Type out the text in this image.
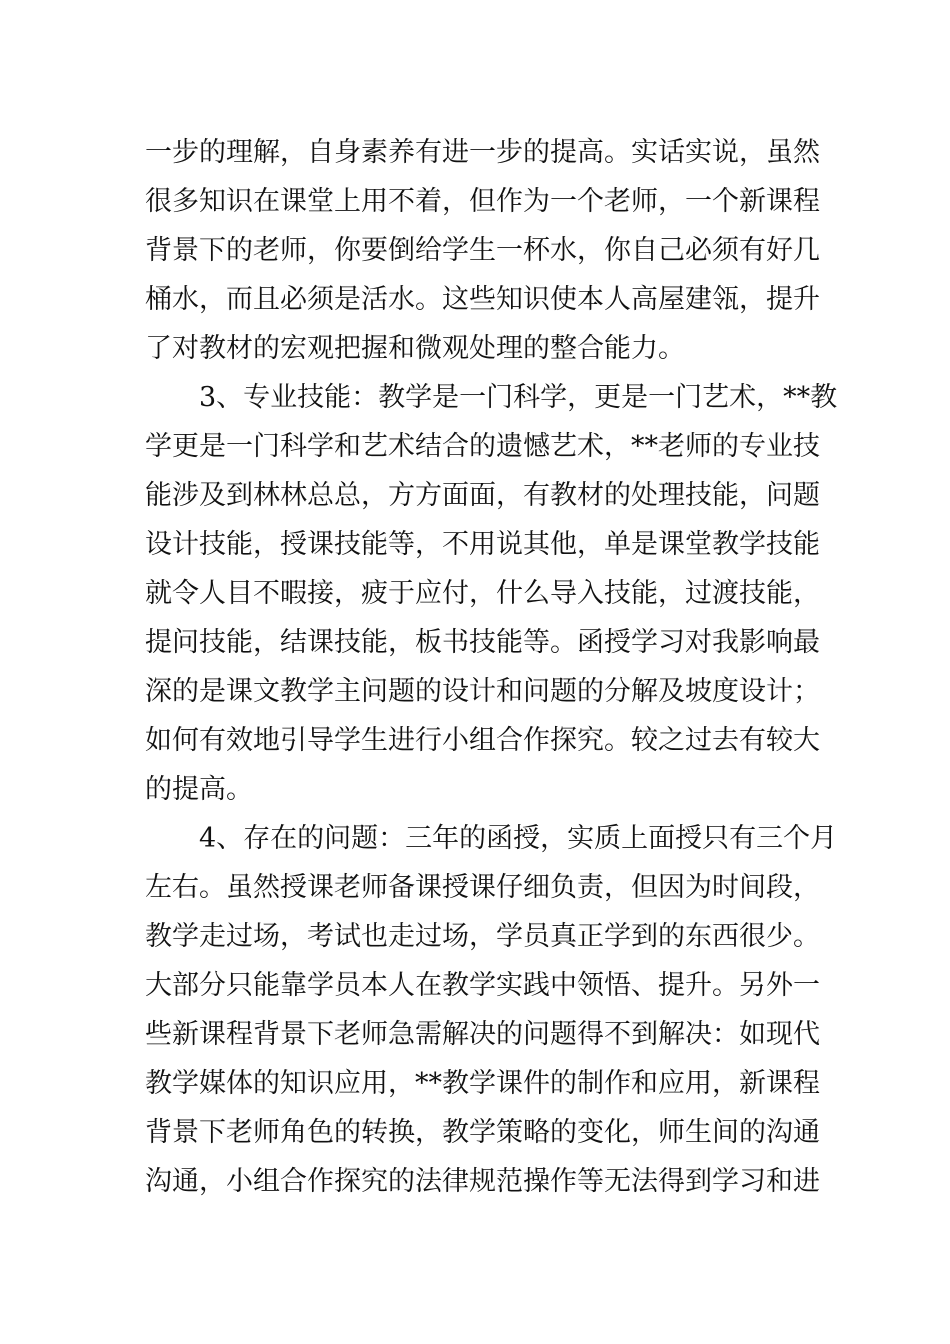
一步的理解，自身素养有进一步的提高。实话实说，虽然
很多知识在课堂上用不着，但作为一个老师，一个新课程
背景下的老师，你要倒给学生一杯水，你自己必须有好几
桶水，而且必须是活水。这些知识使本人高屋建瓴，提升
了对教材的宏观把握和微观处理的整合能力。
3、专业技能：教学是一门科学，更是一门艺术，**教
学更是一门科学和艺术结合的遗憾艺术，**老师的专业技
能涉及到林林总总，方方面面，有教材的处理技能，问题
设计技能，授课技能等，不用说其他，单是课堂教学技能
就令人目不暇接，疲于应付，什么导入技能，过渡技能，
提问技能，结课技能，板书技能等。函授学习对我影响最
深的是课文教学主问题的设计和问题的分解及坡度设计；
如何有效地引导学生进行小组合作探究。较之过去有较大
的提高。
4、存在的问题：三年的函授，实质上面授只有三个月
左右。虽然授课老师备课授课仔细负责，但因为时间段，
教学走过场，考试也走过场，学员真正学到的东西很少。
大部分只能靠学员本人在教学实践中领悟、提升。另外一
些新课程背景下老师急需解决的问题得不到解决：如现代
教学媒体的知识应用，**教学课件的制作和应用，新课程
背景下老师角色的转换，教学策略的变化，师生间的沟通
沟通，小组合作探究的法律规范操作等无法得到学习和进
